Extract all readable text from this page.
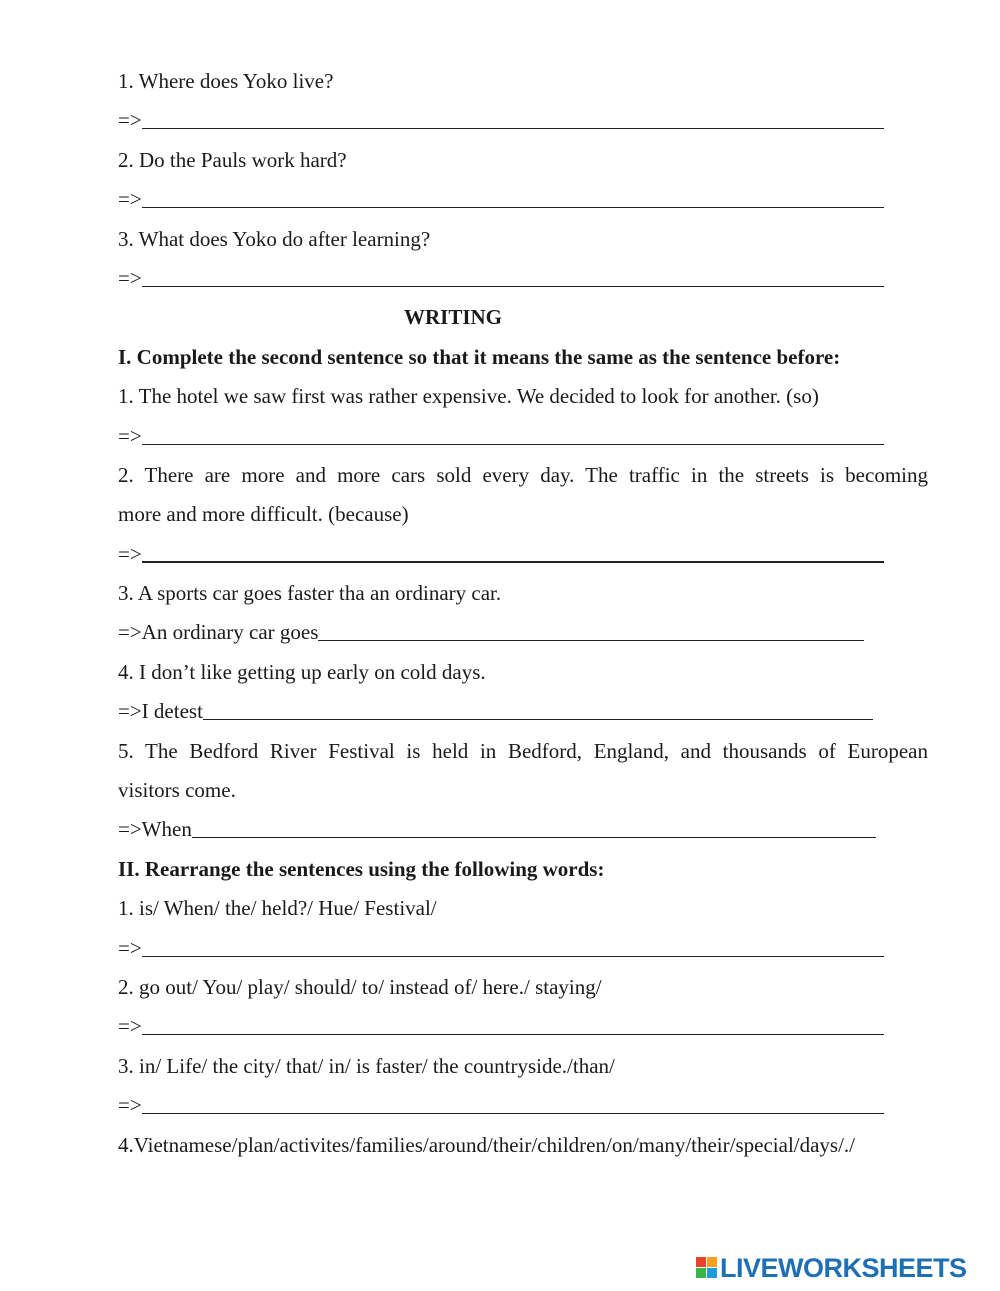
1. Where does Yoko live?
=>
2. Do the Pauls work hard?
=>
3. What does Yoko do after learning?
=>
WRITING
I. Complete the second sentence so that it means the same as the sentence before:
1. The hotel we saw first was rather expensive. We decided to look for another. (so)
=>
2. There are more and more cars sold every day. The traffic in the streets is becoming
more and more difficult. (because)
=>
3. A sports car goes faster tha an ordinary car.
=>An ordinary car goes
4. I don’t like getting up early on cold days.
=>I detest
5. The Bedford River Festival is held in Bedford, England, and thousands of European
visitors come.
=>When
II. Rearrange the sentences using the following words:
1. is/ When/ the/ held?/ Hue/ Festival/
=>
2. go out/ You/ play/ should/ to/ instead of/ here./ staying/
=>
3. in/ Life/ the city/ that/ in/ is faster/ the countryside./than/
=>
4.Vietnamese/plan/activites/families/around/their/children/on/many/their/special/days/./
LIVEWORKSHEETS
